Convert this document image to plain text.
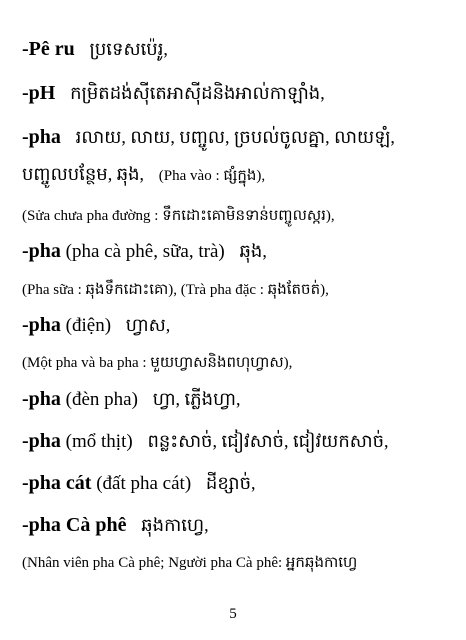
-Pê ru ប្រទេសប៉េរូ,
-pH កម្រិតដង់ស៊ីតេអាស៊ីដនិងអាល់កាឡាំង,
-pha រលាយ, លាយ, បញ្ចូល, ច្របល់ចូលគ្នា, លាយឡំ,
បញ្ចូលបន្ថែម, ឆុង, (Pha vào : ផ្សំក្នុង),
(Sửa chưa pha đường : ទឹកដោះគោមិនទាន់បញ្ចូលស្ករ),
-pha (pha cà phê, sữa, trà) ឆុង,
(Pha sữa : ឆុងទឹកដោះគោ), (Trà pha đặc : ឆុងតែចត់),
-pha (điện) ហ្វាស,
(Một pha và ba pha : មួយហ្វាសនិងពហុហ្វាស),
-pha (đèn pha) ហ្វា, ភ្លើងហ្វា,
-pha (mổ thịt) ពន្លះសាច់, ជៀវសាច់, ជៀវយកសាច់,
-pha cát (đất pha cát) ដីខ្សាច់,
-pha Cà phê ឆុងកាហ្វេ,
(Nhân viên pha Cà phê; Người pha Cà phê: អ្នកឆុងកាហ្វេ
5
